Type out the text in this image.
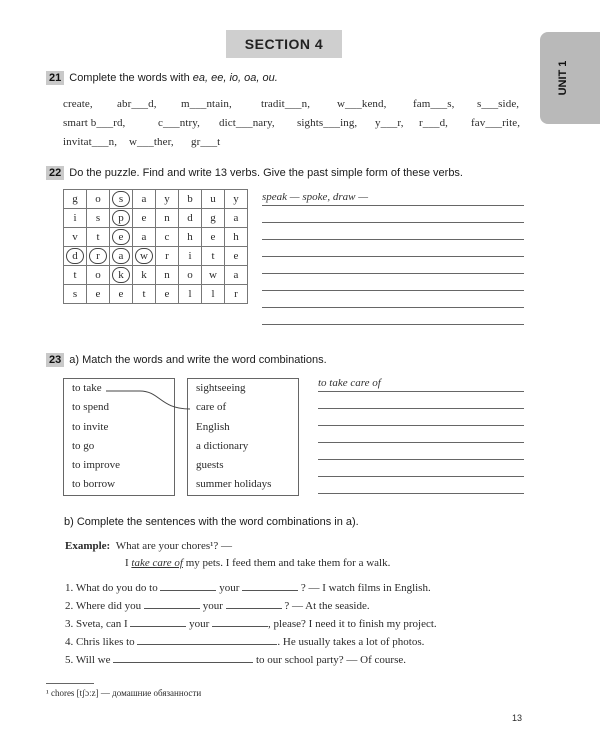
SECTION 4
UNIT 1
21 Complete the words with ea, ee, io, oa, ou.
create, abr___d, m___ntain,	tradit___n, w___kend, fam___s, s___side,
smart b___rd,	c___ntry, dict___nary, sights___ing, y___r, r___d, fav___rite,
invitat___n, w___ther, gr___t
22 Do the puzzle. Find and write 13 verbs. Give the past simple form of these verbs.
g	o	s	a	y	b	u	y
i	s	p	e	n	d	g	a
v	t	e	a	c	h	e	h

d	r	a	w	r	i	t	e
t	o	k	k	n	o	w	a
s	e	e	t	e	l	l	r
speak — spoke, draw —
23 a) Match the words and write the word combinations.
to take
to spend
to invite
to go
to improve
to borrow
sightseeing
care of
English
a dictionary
guests
summer holidays
to take care of
b) Complete the sentences with the word combinations in a).
Example: What are your chores¹? —
I take care of my pets. I feed them and take them for a walk.
1. What do you do to	your	? — I watch films in English.
2. Where did you	your	? — At the seaside.
3. Sveta, can I	your	, please? I need it to finish my project.
4. Chris likes to	. He usually takes a lot of photos.
5. Will we	to our school party? — Of course.
¹ chores [tʃɔːz] — домашние обязанности
13
